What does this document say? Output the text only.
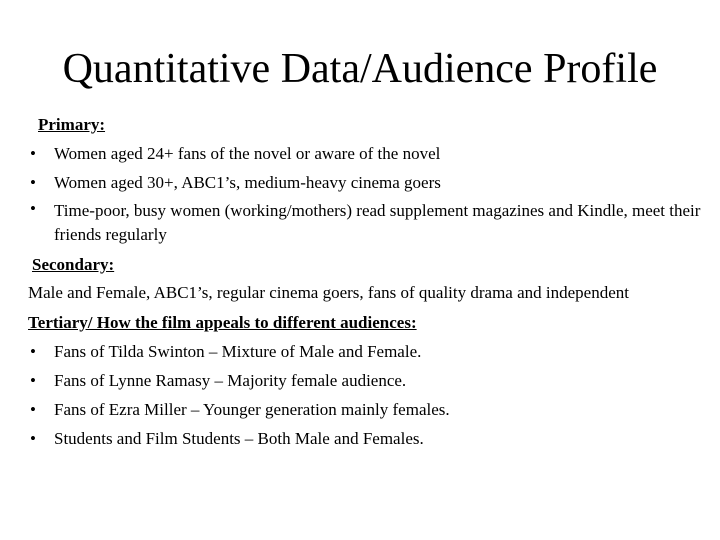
Quantitative Data/Audience Profile
Primary:
• Women aged 24+ fans of the novel or aware of the novel
• Women aged 30+, ABC1’s, medium-heavy cinema goers
• Time-poor, busy women (working/mothers) read supplement magazines and Kindle, meet their friends regularly
Secondary:
Male and Female, ABC1’s, regular cinema goers, fans of quality drama and independent
Tertiary/ How the film appeals to different audiences:
• Fans of Tilda Swinton – Mixture of Male and Female.
• Fans of Lynne Ramasy – Majority female audience.
• Fans of Ezra Miller – Younger generation mainly females.
• Students and Film Students – Both Male and Females.
